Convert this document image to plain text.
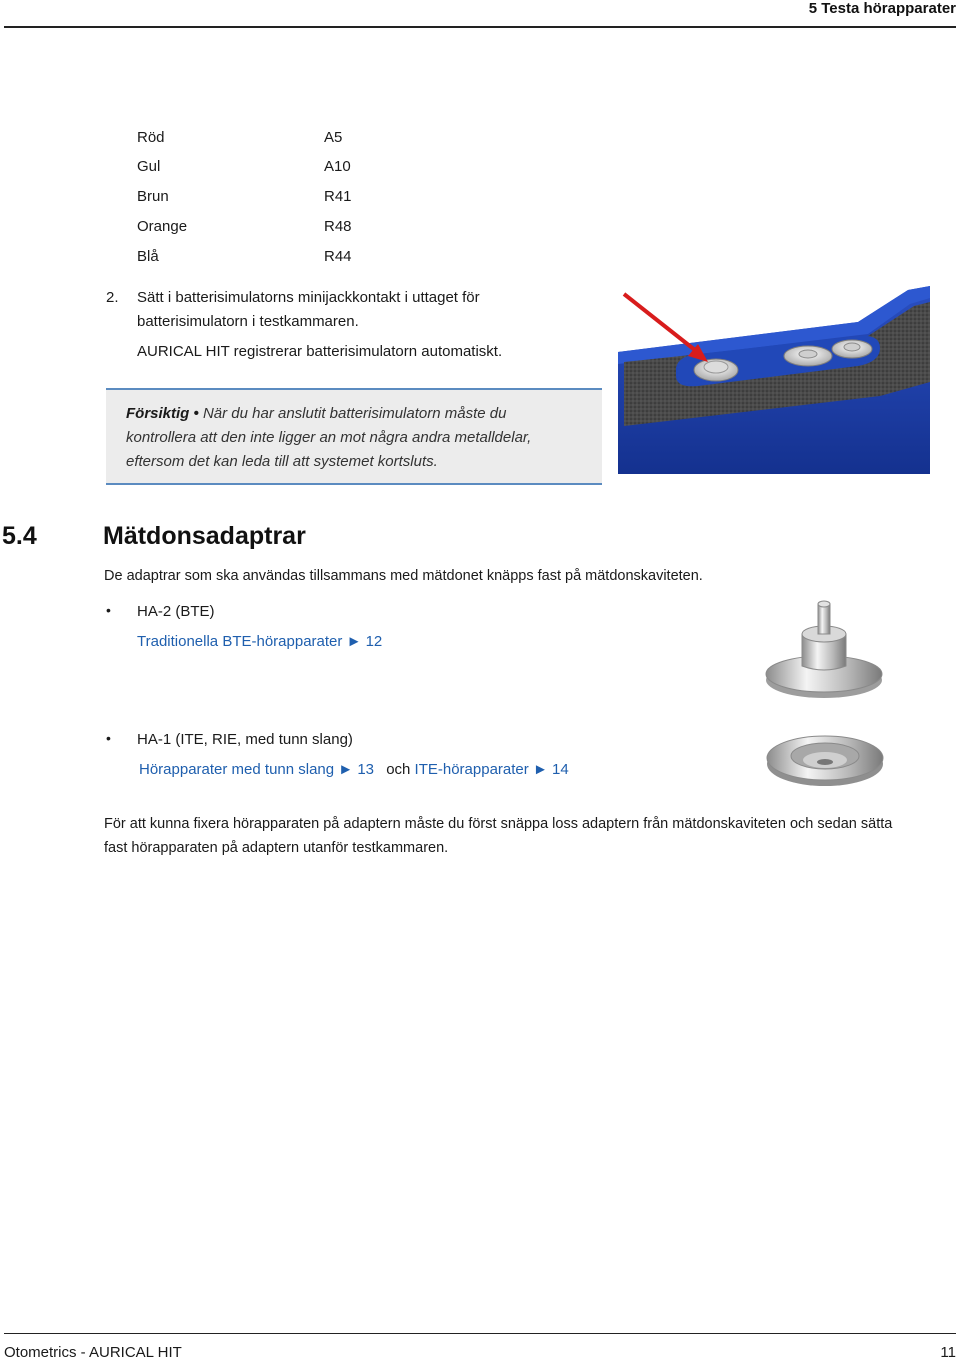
5 Testa hörapparater
Röd	A5
Gul	A10
Brun	R41
Orange	R48
Blå	R44
2. Sätt i batterisimulatorns minijackkontakt i uttaget för
batterisimulatorn i testkammaren.
AURICAL HIT registrerar batterisimulatorn automatiskt.
Försiktig • När du har anslutit batterisimulatorn måste du
kontrollera att den inte ligger an mot några andra metalldelar,
eftersom det kan leda till att systemet kortsluts.
5.4	Mätdonsadaptrar
De adaptrar som ska användas tillsammans med mätdonet knäpps fast på mätdonskaviteten.
• HA-2 (BTE)
Traditionella BTE-hörapparater ► 12
• HA-1 (ITE, RIE, med tunn slang)
Hörapparater med tunn slang ► 13 och ITE-hörapparater ► 14
För att kunna fixera hörapparaten på adaptern måste du först snäppa loss adaptern från mätdonskaviteten och sedan sätta
fast hörapparaten på adaptern utanför testkammaren.
Otometrics - AURICAL HIT	11
